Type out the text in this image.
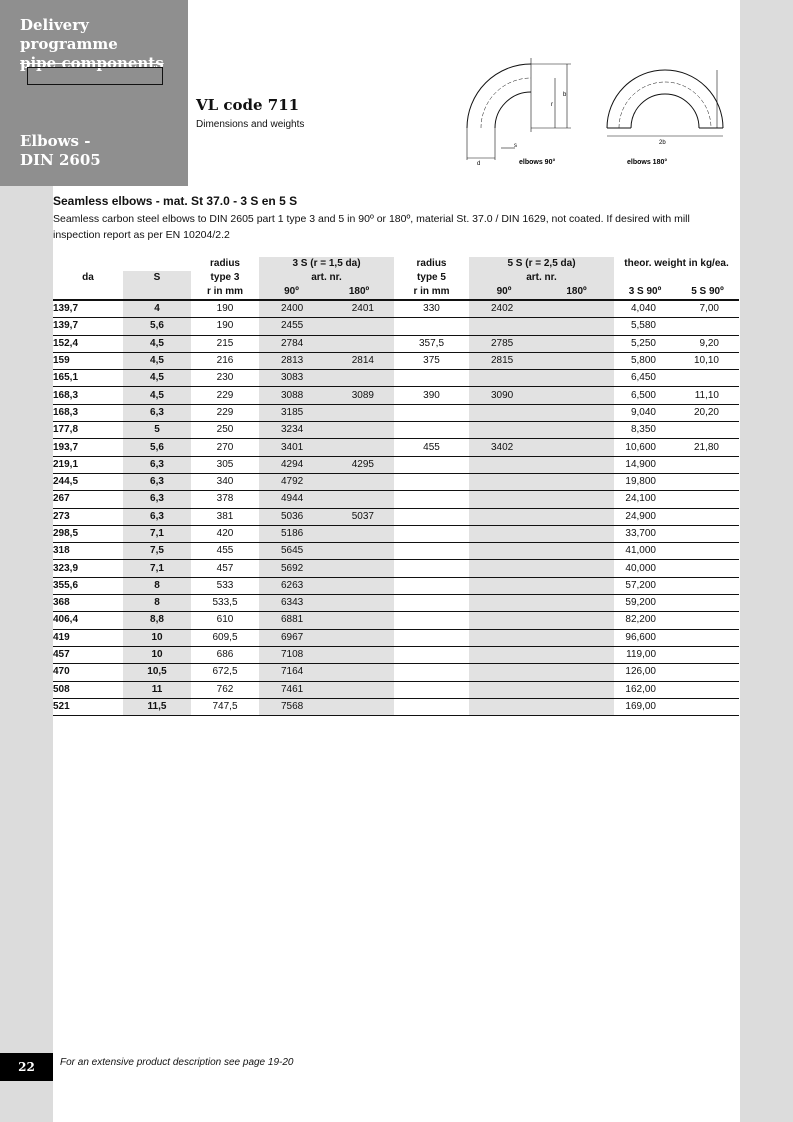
Delivery
programme
pipe components
Elbows -
DIN 2605
VL code 711
Dimensions and weights
s
r
b
d
2b
elbows 90°	elbows 180°
Seamless elbows - mat. St 37.0 - 3 S en 5 S
Seamless carbon steel elbows to DIN 2605 part 1 type 3 and 5 in 90º or 180º, material St. 37.0 / DIN 1629, not coated. If desired with mill inspection report as per EN 10204/2.2
		radius	3 S (r = 1,5 da)		radius	5 S (r = 2,5 da)		theor. weight in kg/ea.	
da	S	type 3	art. nr.		type 5	art. nr.			
		r in mm	90º	180º	r in mm	90º	180º	3 S 90º	5 S 90º
139,7	4	190	2400	2401	330	2402		4,040	7,00
139,7	5,6	190	2455					5,580	
152,4	4,5	215	2784		357,5	2785		5,250	9,20
159	4,5	216	2813	2814	375	2815		5,800	10,10
165,1	4,5	230	3083					6,450	
168,3	4,5	229	3088	3089	390	3090		6,500	11,10
168,3	6,3	229	3185					9,040	20,20
177,8	5	250	3234					8,350	
193,7	5,6	270	3401		455	3402		10,600	21,80
219,1	6,3	305	4294	4295				14,900	
244,5	6,3	340	4792					19,800	
267	6,3	378	4944					24,100	
273	6,3	381	5036	5037				24,900	
298,5	7,1	420	5186					33,700	
318	7,5	455	5645					41,000	
323,9	7,1	457	5692					40,000	
355,6	8	533	6263					57,200	
368	8	533,5	6343					59,200	
406,4	8,8	610	6881					82,200	
419	10	609,5	6967					96,600	
457	10	686	7108					119,00	
470	10,5	672,5	7164					126,00	
508	11	762	7461					162,00	
521	11,5	747,5	7568					169,00	
22	For an extensive product description see page 19-20
